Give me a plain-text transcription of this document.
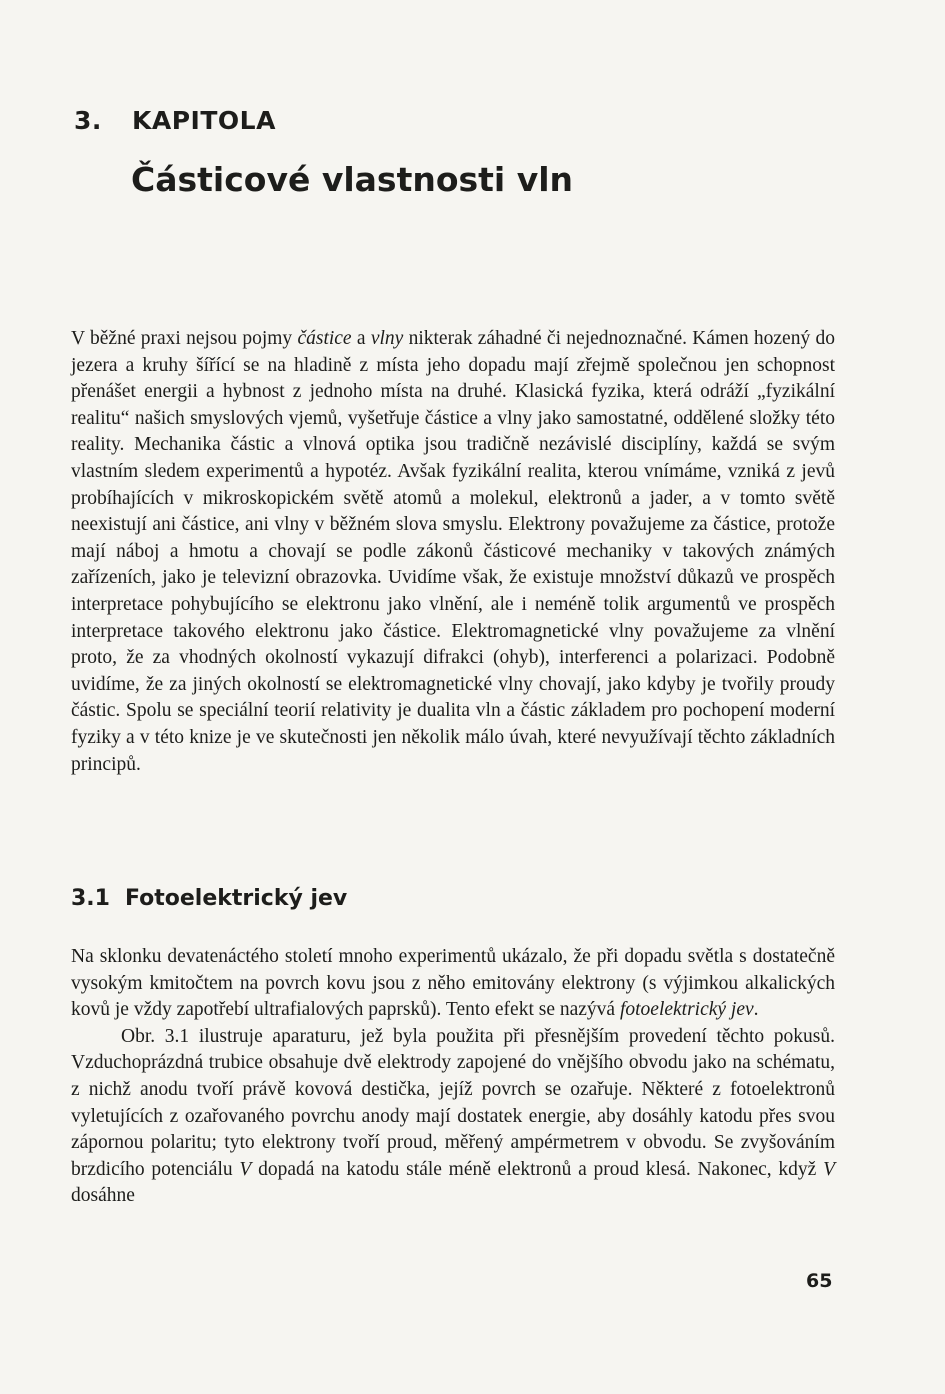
3. KAPITOLA
Částicové vlastnosti vln

V běžné praxi nejsou pojmy částice a vlny nikterak záhadné či nejednoznačné. Kámen hozený do jezera a kruhy šířící se na hladině z místa jeho dopadu mají zřejmě společnou jen schopnost přenášet energii a hybnost z jednoho místa na druhé. Klasická fyzika, která odráží „fyzikální realitu“ našich smyslových vjemů, vyšetřuje částice a vlny jako samostatné, oddělené složky této reality. Mechanika částic a vlnová optika jsou tradičně nezávislé disciplíny, každá se svým vlastním sledem experimentů a hypotéz. Avšak fyzikální realita, kterou vnímáme, vzniká z jevů probíhajících v mikroskopickém světě atomů a molekul, elektronů a jader, a v tomto světě neexistují ani částice, ani vlny v běžném slova smyslu. Elektrony považujeme za částice, protože mají náboj a hmotu a chovají se podle zákonů částicové mechaniky v takových známých zařízeních, jako je televizní obrazovka. Uvidíme však, že existuje množství důkazů ve prospěch interpretace pohybujícího se elektronu jako vlnění, ale i neméně tolik argumentů ve prospěch interpretace takového elektronu jako částice. Elektromagnetické vlny považujeme za vlnění proto, že za vhodných okolností vykazují difrakci (ohyb), interferenci a polarizaci. Podobně uvidíme, že za jiných okolností se elektromagnetické vlny chovají, jako kdyby je tvořily proudy částic. Spolu se speciální teorií relativity je dualita vln a částic základem pro pochopení moderní fyziky a v této knize je ve skutečnosti jen několik málo úvah, které nevyužívají těchto základních principů.

3.1 Fotoelektrický jev

Na sklonku devatenáctého století mnoho experimentů ukázalo, že při dopadu světla s dostatečně vysokým kmitočtem na povrch kovu jsou z něho emitovány elektrony (s výjimkou alkalických kovů je vždy zapotřebí ultrafialových paprsků). Tento efekt se nazývá fotoelektrický jev.

Obr. 3.1 ilustruje aparaturu, jež byla použita při přesnějším provedení těchto pokusů. Vzduchoprázdná trubice obsahuje dvě elektrody zapojené do vnějšího obvodu jako na schématu, z nichž anodu tvoří právě kovová destička, jejíž povrch se ozařuje. Některé z fotoelektronů vyletujících z ozařovaného povrchu anody mají dostatek energie, aby dosáhly katodu přes svou zápornou polaritu; tyto elektrony tvoří proud, měřený ampérmetrem v obvodu. Se zvyšováním brzdicího potenciálu V dopadá na katodu stále méně elektronů a proud klesá. Nakonec, když V dosáhne

65
